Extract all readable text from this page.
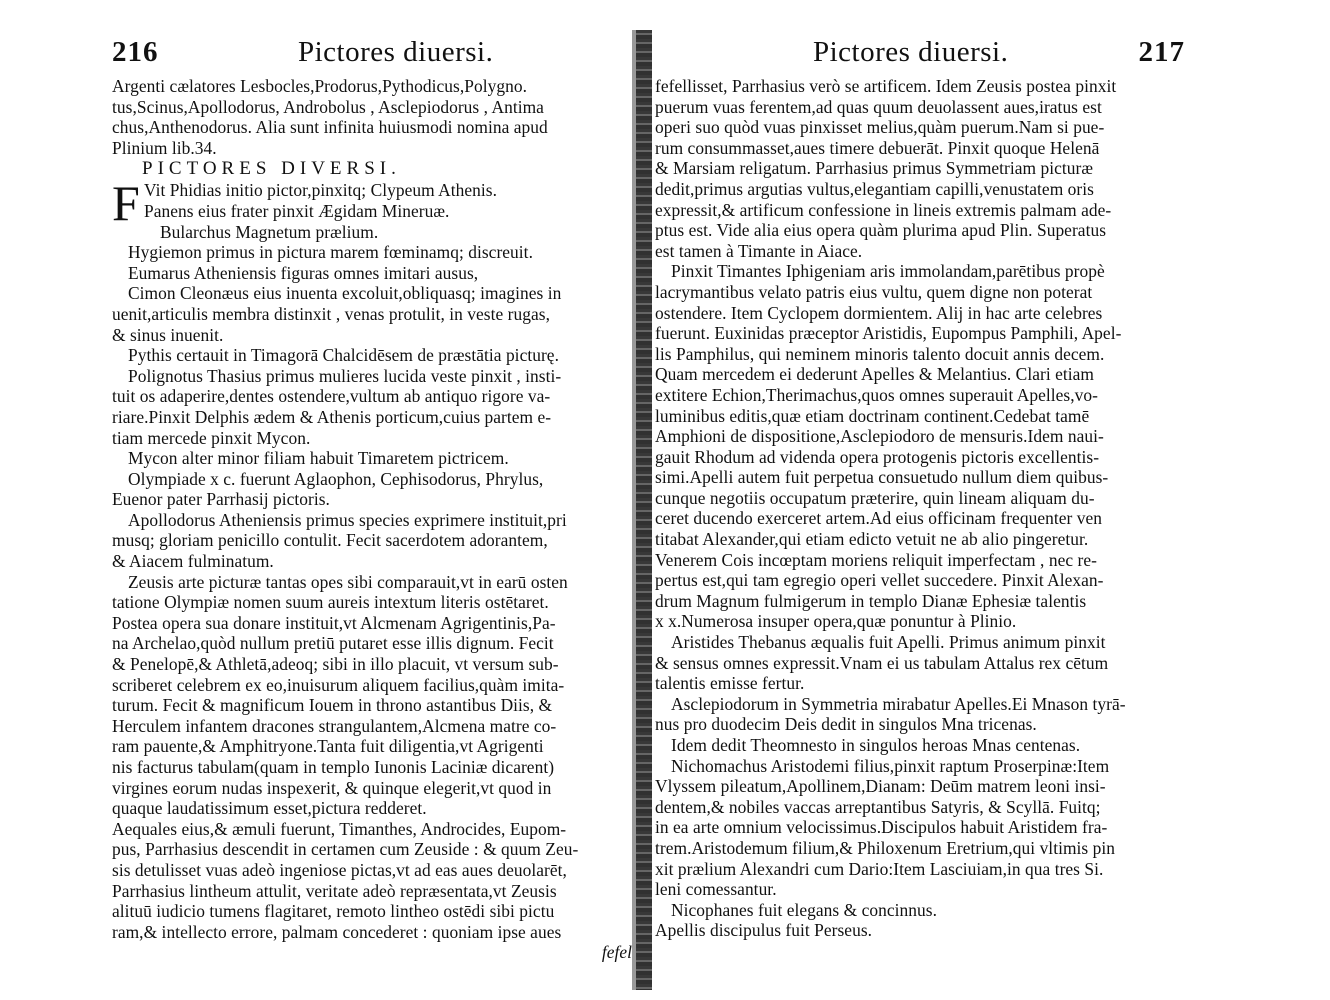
216	Pictores diuersi.
Argenti cælatores Lesbocles,Prodorus,Pythodicus,Polygno.
tus,Scinus,Apollodorus, Androbolus , Asclepiodorus , Antima
chus,Anthenodorus. Alia sunt infinita huiusmodi nomina apud
Plinium lib.34.
PICTORES DIVERSI.
F Vit Phidias initio pictor,pinxitq; Clypeum Athenis.
Panens eius frater pinxit Ægidam Mineruæ.
Bularchus Magnetum prælium.
Hygiemon primus in pictura marem fœminamq; discreuit.
Eumarus Atheniensis figuras omnes imitari ausus,
Cimon Cleonæus eius inuenta excoluit,obliquasq; imagines in
uenit,articulis membra distinxit , venas protulit, in veste rugas,
& sinus inuenit.
Pythis certauit in Timagorā Chalcidēsem de præstātia picturę.
Polignotus Thasius primus mulieres lucida veste pinxit , insti-
tuit os adaperire,dentes ostendere,vultum ab antiquo rigore va-
riare.Pinxit Delphis ædem & Athenis porticum,cuius partem e-
tiam mercede pinxit Mycon.
Mycon alter minor filiam habuit Timaretem pictricem.
Olympiade x c. fuerunt Aglaophon, Cephisodorus, Phrylus,
Euenor pater Parrhasij pictoris.
Apollodorus Atheniensis primus species exprimere instituit,pri
musq; gloriam penicillo contulit. Fecit sacerdotem adorantem,
& Aiacem fulminatum.
Zeusis arte picturæ tantas opes sibi comparauit,vt in earū osten
tatione Olympiæ nomen suum aureis intextum literis ostētaret.
Postea opera sua donare instituit,vt Alcmenam Agrigentinis,Pa-
na Archelao,quòd nullum pretiū putaret esse illis dignum. Fecit
& Penelopē,& Athletā,adeoq; sibi in illo placuit, vt versum sub-
scriberet celebrem ex eo,inuisurum aliquem facilius,quàm imita-
turum. Fecit & magnificum Iouem in throno astantibus Diis, &
Herculem infantem dracones strangulantem,Alcmena matre co-
ram pauente,& Amphitryone.Tanta fuit diligentia,vt Agrigenti
nis facturus tabulam(quam in templo Iunonis Laciniæ dicarent)
virgines eorum nudas inspexerit, & quinque elegerit,vt quod in
quaque laudatissimum esset,pictura redderet.
Aequales eius,& æmuli fuerunt, Timanthes, Androcides, Eupom-
pus, Parrhasius descendit in certamen cum Zeuside : & quum Zeu-
sis detulisset vuas adeò ingeniose pictas,vt ad eas aues deuolarēt,
Parrhasius lintheum attulit, veritate adeò repræsentata,vt Zeusis
alituū iudicio tumens flagitaret, remoto lintheo ostēdi sibi pictu
ram,& intellecto errore, palmam concederet : quoniam ipse aues
fefel
Pictores diuersi.	217
fefellisset, Parrhasius verò se artificem. Idem Zeusis postea pinxit
puerum vuas ferentem,ad quas quum deuolassent aues,iratus est
operi suo quòd vuas pinxisset melius,quàm puerum.Nam si pue-
rum consummasset,aues timere debuerāt. Pinxit quoque Helenā
& Marsiam religatum. Parrhasius primus Symmetriam picturæ
dedit,primus argutias vultus,elegantiam capilli,venustatem oris
expressit,& artificum confessione in lineis extremis palmam ade-
ptus est. Vide alia eius opera quàm plurima apud Plin. Superatus
est tamen à Timante in Aiace.
Pinxit Timantes Iphigeniam aris immolandam,parētibus propè
lacrymantibus velato patris eius vultu, quem digne non poterat
ostendere. Item Cyclopem dormientem. Alij in hac arte celebres
fuerunt. Euxinidas præceptor Aristidis, Eupompus Pamphili, Apel-
lis Pamphilus, qui neminem minoris talento docuit annis decem.
Quam mercedem ei dederunt Apelles & Melantius. Clari etiam
extitere Echion,Therimachus,quos omnes superauit Apelles,vo-
luminibus editis,quæ etiam doctrinam continent.Cedebat tamē
Amphioni de dispositione,Asclepiodoro de mensuris.Idem naui-
gauit Rhodum ad videnda opera protogenis pictoris excellentis-
simi.Apelli autem fuit perpetua consuetudo nullum diem quibus-
cunque negotiis occupatum præterire, quin lineam aliquam du-
ceret ducendo exerceret artem.Ad eius officinam frequenter ven
titabat Alexander,qui etiam edicto vetuit ne ab alio pingeretur.
Venerem Cois incœptam moriens reliquit imperfectam , nec re-
pertus est,qui tam egregio operi vellet succedere. Pinxit Alexan-
drum Magnum fulmigerum in templo Dianæ Ephesiæ talentis
x x.Numerosa insuper opera,quæ ponuntur à Plinio.
Aristides Thebanus æqualis fuit Apelli. Primus animum pinxit
& sensus omnes expressit.Vnam ei us tabulam Attalus rex cētum
talentis emisse fertur.
Asclepiodorum in Symmetria mirabatur Apelles.Ei Mnason tyrā-
nus pro duodecim Deis dedit in singulos Mna tricenas.
Idem dedit Theomnesto in singulos heroas Mnas centenas.
Nichomachus Aristodemi filius,pinxit raptum Proserpinæ:Item
Vlyssem pileatum,Apollinem,Dianam: Deūm matrem leoni insi-
dentem,& nobiles vaccas arreptantibus Satyris, & Scyllā. Fuitq;
in ea arte omnium velocissimus.Discipulos habuit Aristidem fra-
trem.Aristodemum filium,& Philoxenum Eretrium,qui vltimis pin
xit prælium Alexandri cum Dario:Item Lasciuiam,in qua tres Si.
leni comessantur.
Nicophanes fuit elegans & concinnus.
Apellis discipulus fuit Perseus.
